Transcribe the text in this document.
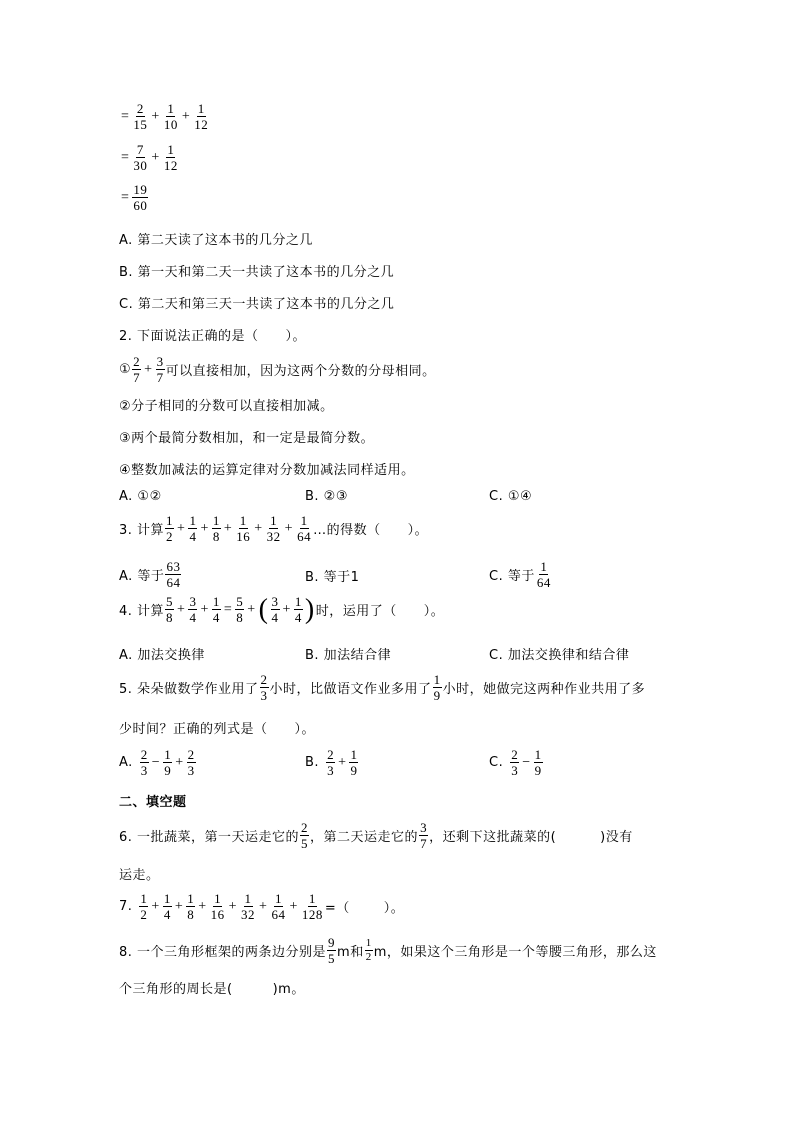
= $\frac{2}{15} + \frac{1}{10} + \frac{1}{12}$
= $\frac{7}{30} + \frac{1}{12}$
= $\frac{19}{60}$
A. 第二天读了这本书的几分之几
B. 第一天和第二天一共读了这本书的几分之几
C. 第二天和第三天一共读了这本书的几分之几
2. 下面说法正确的是（　　）。
①
2
7
+ $\frac{3}{7}$ 可以直接相加，因为这两个分数的分母相同。
②分子相同的分数可以直接相加减。
③两个最简分数相加，和一定是最简分数。
④整数加减法的运算定律对分数加减法同样适用。
A. ①②	B. ②③	C. ①④
3. 计算
1
2
+ $\frac{1}{4} + \frac{1}{8} + \frac{1}{16} + \frac{1}{32} + \frac{1}{64}$ …的得数（　　）。
A. 等于
63
64	B. 等于1	C. 等于
1
64
4. 计算
5
8
+ $\frac{3}{4} + \frac{1}{4} = \frac{5}{8}$ + ( 3
4
+ $\frac{1}{4}$ ) 时，运用了（　　）。
A. 加法交换律	B. 加法结合律	C. 加法交换律和结合律
5. 朵朵做数学作业用了
2
3 小时，比做语文作业多用了
1
9 小时，她做完这两种作业共用了多
少时间？正确的列式是（　　）。
A.
2
3
− $\frac{1}{9} + \frac{2}{3}$	B.
2
3
+ $\frac{1}{9}$	C.
2
3
− $\frac{1}{9}$
二、填空题
6. 一批蔬菜，第一天运走它的
2
5 ，第二天运走它的
3
7 ，还剩下这批蔬菜的(	)没有
运走。
7.
1
2
+ $\frac{1}{4} + \frac{1}{8} + \frac{1}{16} + \frac{1}{32} + \frac{1}{64} + \frac{1}{128}$ =（	）。
8. 一个三角形框架的两条边分别是
9
5 m和
1
2 m，如果这个三角形是一个等腰三角形，那么这
个三角形的周长是(	)m。
